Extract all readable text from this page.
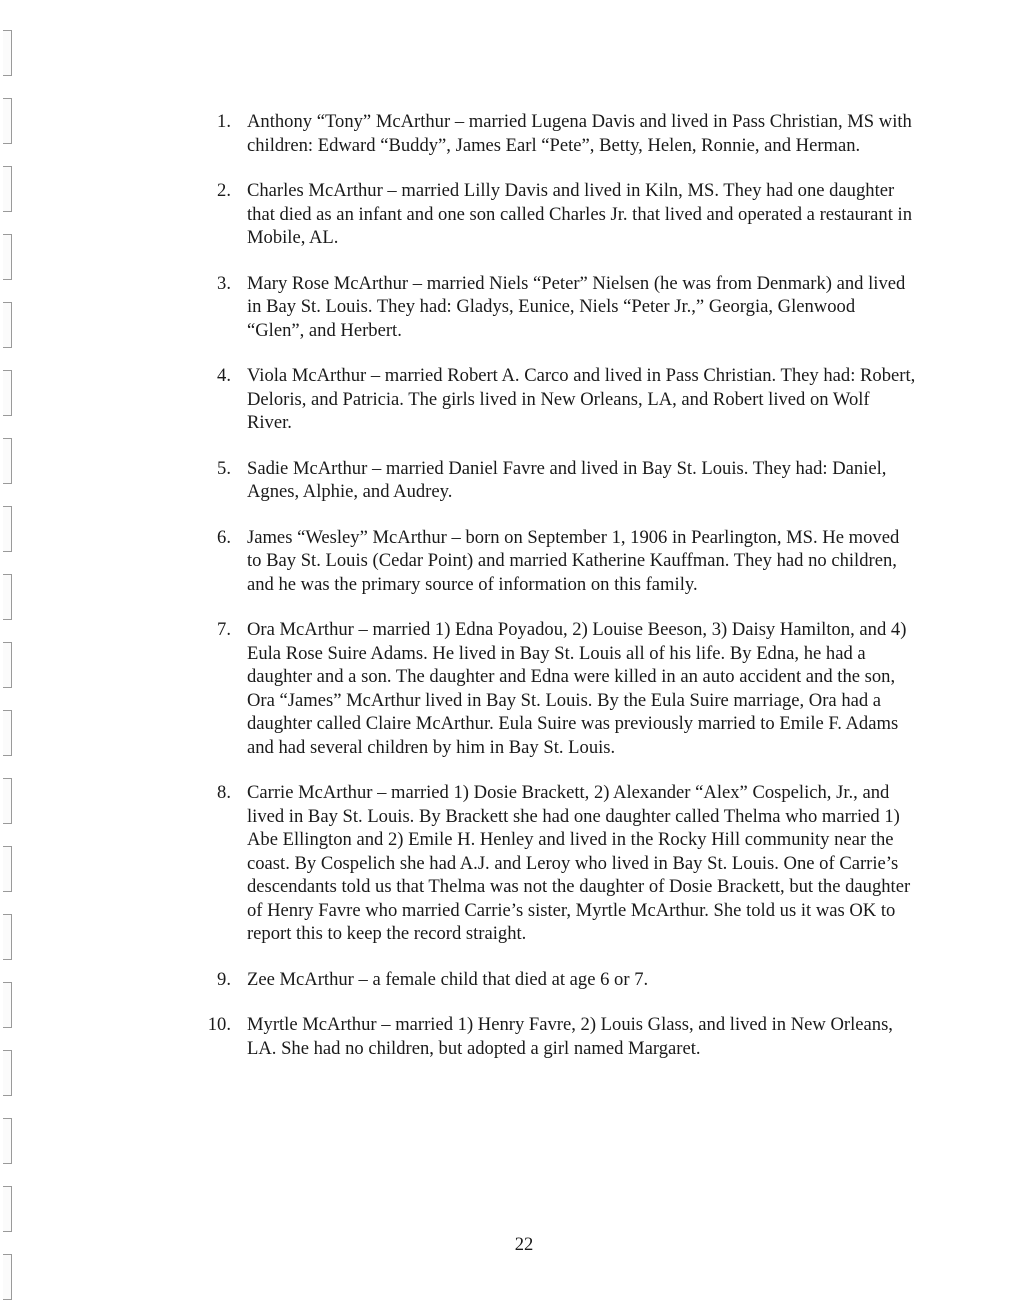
1. Anthony “Tony” McArthur – married Lugena Davis and lived in Pass Christian, MS with children: Edward “Buddy”, James Earl “Pete”, Betty, Helen, Ronnie, and Herman.
2. Charles McArthur – married Lilly Davis and lived in Kiln, MS. They had one daughter that died as an infant and one son called Charles Jr. that lived and operated a restaurant in Mobile, AL.
3. Mary Rose McArthur – married Niels “Peter” Nielsen (he was from Denmark) and lived in Bay St. Louis. They had: Gladys, Eunice, Niels “Peter Jr.,” Georgia, Glenwood “Glen”, and Herbert.
4. Viola McArthur – married Robert A. Carco and lived in Pass Christian. They had: Robert, Deloris, and Patricia. The girls lived in New Orleans, LA, and Robert lived on Wolf River.
5. Sadie McArthur – married Daniel Favre and lived in Bay St. Louis. They had: Daniel, Agnes, Alphie, and Audrey.
6. James “Wesley” McArthur – born on September 1, 1906 in Pearlington, MS. He moved to Bay St. Louis (Cedar Point) and married Katherine Kauffman. They had no children, and he was the primary source of information on this family.
7. Ora McArthur – married 1) Edna Poyadou, 2) Louise Beeson, 3) Daisy Hamilton, and 4) Eula Rose Suire Adams. He lived in Bay St. Louis all of his life. By Edna, he had a daughter and a son. The daughter and Edna were killed in an auto accident and the son, Ora “James” McArthur lived in Bay St. Louis. By the Eula Suire marriage, Ora had a daughter called Claire McArthur. Eula Suire was previously married to Emile F. Adams and had several children by him in Bay St. Louis.
8. Carrie McArthur – married 1) Dosie Brackett, 2) Alexander “Alex” Cospelich, Jr., and lived in Bay St. Louis. By Brackett she had one daughter called Thelma who married 1) Abe Ellington and 2) Emile H. Henley and lived in the Rocky Hill community near the coast. By Cospelich she had A.J. and Leroy who lived in Bay St. Louis. One of Carrie’s descendants told us that Thelma was not the daughter of Dosie Brackett, but the daughter of Henry Favre who married Carrie’s sister, Myrtle McArthur. She told us it was OK to report this to keep the record straight.
9. Zee McArthur – a female child that died at age 6 or 7.
10. Myrtle McArthur – married 1) Henry Favre, 2) Louis Glass, and lived in New Orleans, LA. She had no children, but adopted a girl named Margaret.
22
